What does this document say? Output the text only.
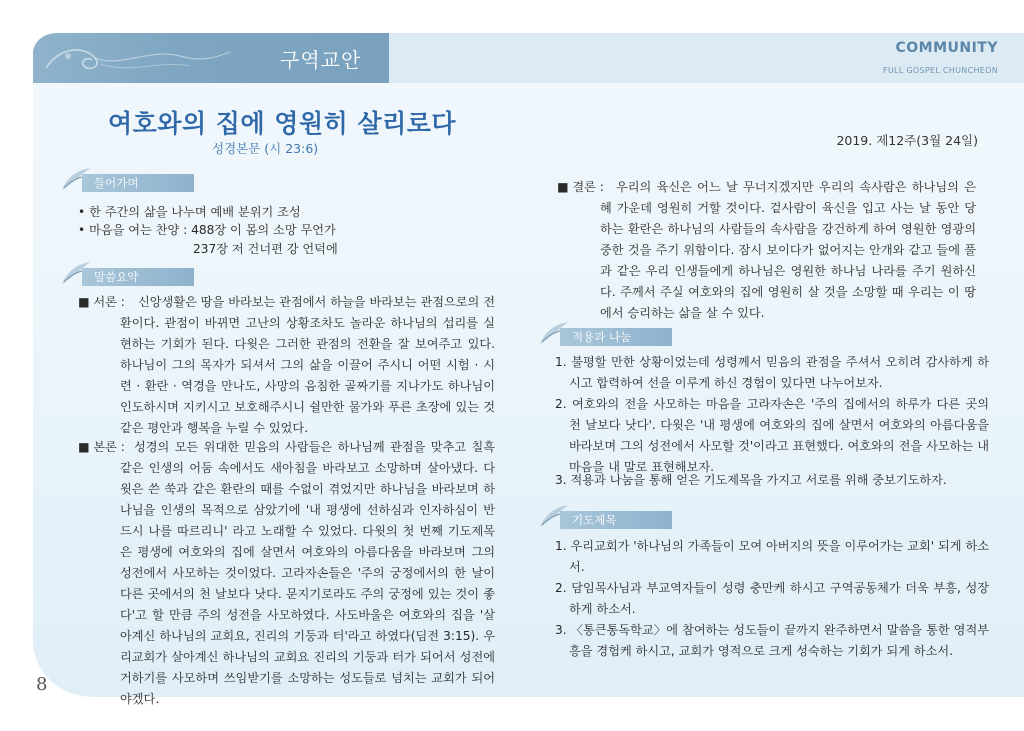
구역교안	COMMUNITY
FULL GOSPEL CHUNCHEON
여호와의 집에 영원히 살리로다
성경본문 (시 23:6)
2019. 제12주(3월 24일)
들어가며
• 한 주간의 삶을 나누며 예배 분위기 조성
• 마음을 여는 찬양 : 488장 이 몸의 소망 무언가
237장 저 건너편 강 언덕에
말씀요약
■ 서론 :	신앙생활은 땅을 바라보는 관점에서 하늘을 바라보는 관점으로의 전환이다. 관점이 바뀌면 고난의 상황조차도 놀라운 하나님의 섭리를 실현하는 기회가 된다. 다윗은 그러한 관점의 전환을 잘 보여주고 있다. 하나님이 그의 목자가 되셔서 그의 삶을 이끌어 주시니 어떤 시험 · 시련 · 환란 · 역경을 만나도, 사망의 음침한 골짜기를 지나가도 하나님이 인도하시며 지키시고 보호해주시니 쉴만한 물가와 푸른 초장에 있는 것 같은 평안과 행복을 누릴 수 있었다.
■ 본론 : 성경의 모든 위대한 믿음의 사람들은 하나님께 관점을 맞추고 칠흑 같은 인생의 어둠 속에서도 새아침을 바라보고 소망하며 살아냈다. 다윗은 쓴 쑥과 같은 환란의 때를 수없이 겪었지만 하나님을 바라보며 하나님을 인생의 목적으로 삼았기에 '내 평생에 선하심과 인자하심이 반드시 나를 따르리니' 라고 노래할 수 있었다. 다윗의 첫 번째 기도제목은 평생에 여호와의 집에 살면서 여호와의 아름다움을 바라보며 그의 성전에서 사모하는 것이었다. 고라자손들은 '주의 궁정에서의 한 날이 다른 곳에서의 천 날보다 낫다. 문지기로라도 주의 궁정에 있는 것이 좋다'고 할 만큼 주의 성전을 사모하였다. 사도바울은 여호와의 집을 '살아계신 하나님의 교회요, 진리의 기둥과 터'라고 하였다(딤전 3:15). 우리교회가 살아계신 하나님의 교회요 진리의 기둥과 터가 되어서 성전에 거하기를 사모하며 쓰임받기를 소망하는 성도들로 넘치는 교회가 되어야겠다.
■ 결론 : 우리의 육신은 어느 날 무너지겠지만 우리의 속사람은 하나님의 은혜 가운데 영원히 거할 것이다. 겉사람이 육신을 입고 사는 날 동안 당하는 환란은 하나님의 사람들의 속사람을 강건하게 하여 영원한 영광의 중한 것을 주기 위함이다. 잠시 보이다가 없어지는 안개와 같고 들에 풀과 같은 우리 인생들에게 하나님은 영원한 하나님 나라를 주기 원하신다. 주께서 주실 여호와의 집에 영원히 살 것을 소망할 때 우리는 이 땅에서 승리하는 삶을 살 수 있다.
적용과 나눔
1. 불평할 만한 상황이었는데 성령께서 믿음의 관점을 주셔서 오히려 감사하게 하시고 합력하여 선을 이루게 하신 경험이 있다면 나누어보자.
2. 여호와의 전을 사모하는 마음을 고라자손은 '주의 집에서의 하루가 다른 곳의 천 날보다 낫다'. 다윗은 '내 평생에 여호와의 집에 살면서 여호와의 아름다움을 바라보며 그의 성전에서 사모할 것'이라고 표현했다. 여호와의 전을 사모하는 내 마음을 내 말로 표현해보자.
3. 적용과 나눔을 통해 얻은 기도제목을 가지고 서로를 위해 중보기도하자.
기도제목
1. 우리교회가 '하나님의 가족들이 모여 아버지의 뜻을 이루어가는 교회' 되게 하소서.
2. 담임목사님과 부교역자들이 성령 충만케 하시고 구역공동체가 더욱 부흥, 성장하게 하소서.
3. 〈통큰통독학교〉에 참여하는 성도들이 끝까지 완주하면서 말씀을 통한 영적부흥을 경험케 하시고, 교회가 영적으로 크게 성숙하는 기회가 되게 하소서.
8
